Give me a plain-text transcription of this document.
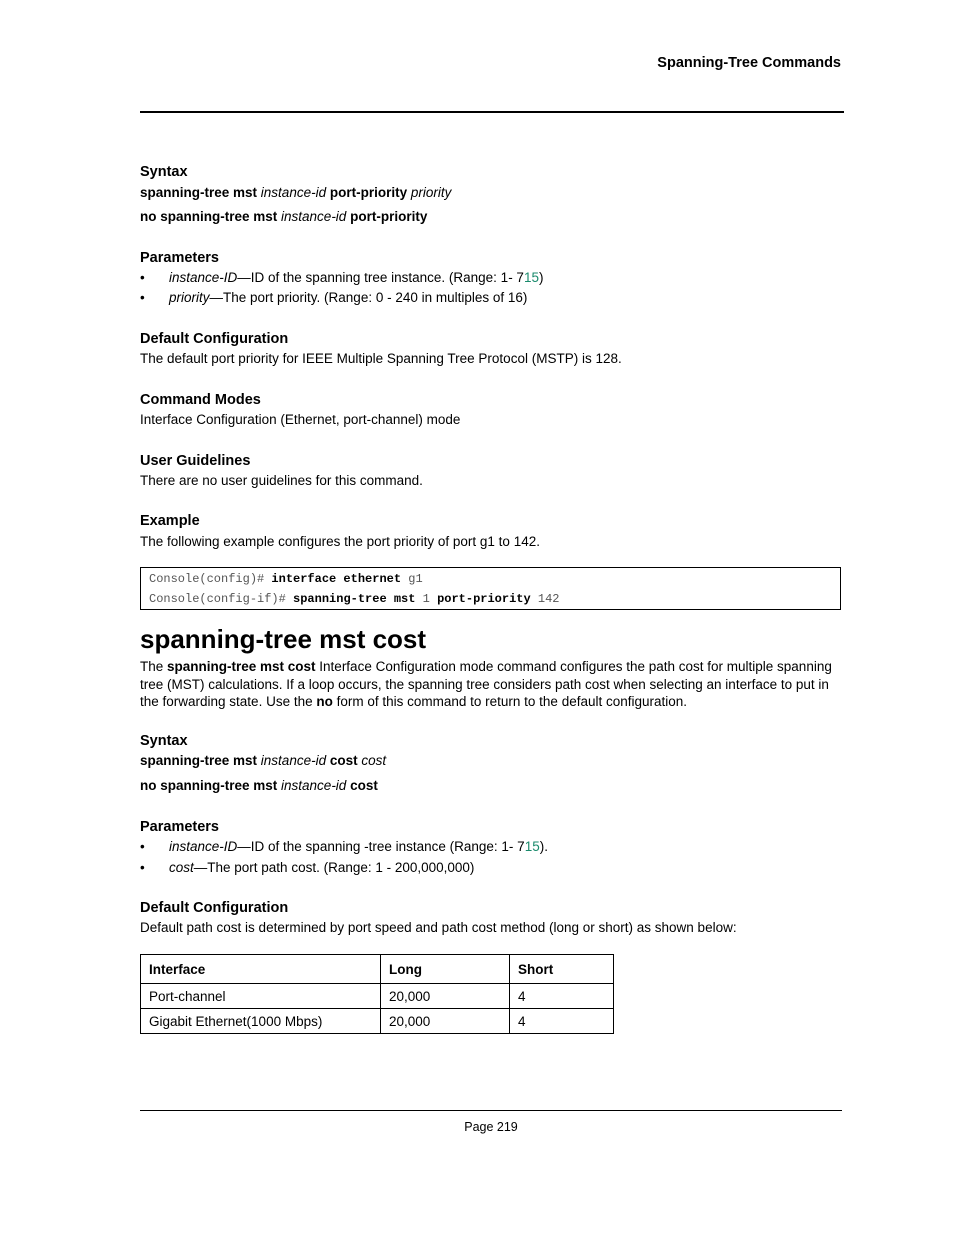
Spanning-Tree Commands
Syntax
spanning-tree mst instance-id port-priority priority
no spanning-tree mst instance-id port-priority
Parameters
• instance-ID—ID of the spanning tree instance. (Range: 1- 715)
• priority—The port priority. (Range: 0 - 240 in multiples of 16)
Default Configuration
The default port priority for IEEE Multiple Spanning Tree Protocol (MSTP) is 128.
Command Modes
Interface Configuration (Ethernet, port-channel) mode
User Guidelines
There are no user guidelines for this command.
Example
The following example configures the port priority of port g1 to 142.
Console(config)# interface ethernet g1
Console(config-if)# spanning-tree mst 1 port-priority 142
spanning-tree mst cost
The spanning-tree mst cost Interface Configuration mode command configures the path cost for multiple spanning tree (MST) calculations. If a loop occurs, the spanning tree considers path cost when selecting an interface to put in the forwarding state. Use the no form of this command to return to the default configuration.
Syntax
spanning-tree mst instance-id cost cost
no spanning-tree mst instance-id cost
Parameters
• instance-ID—ID of the spanning -tree instance (Range: 1- 715).
• cost—The port path cost. (Range: 1 - 200,000,000)
Default Configuration
Default path cost is determined by port speed and path cost method (long or short) as shown below:
Interface	Long	Short
Port-channel	20,000	4
Gigabit Ethernet(1000 Mbps)	20,000	4
Page 219
